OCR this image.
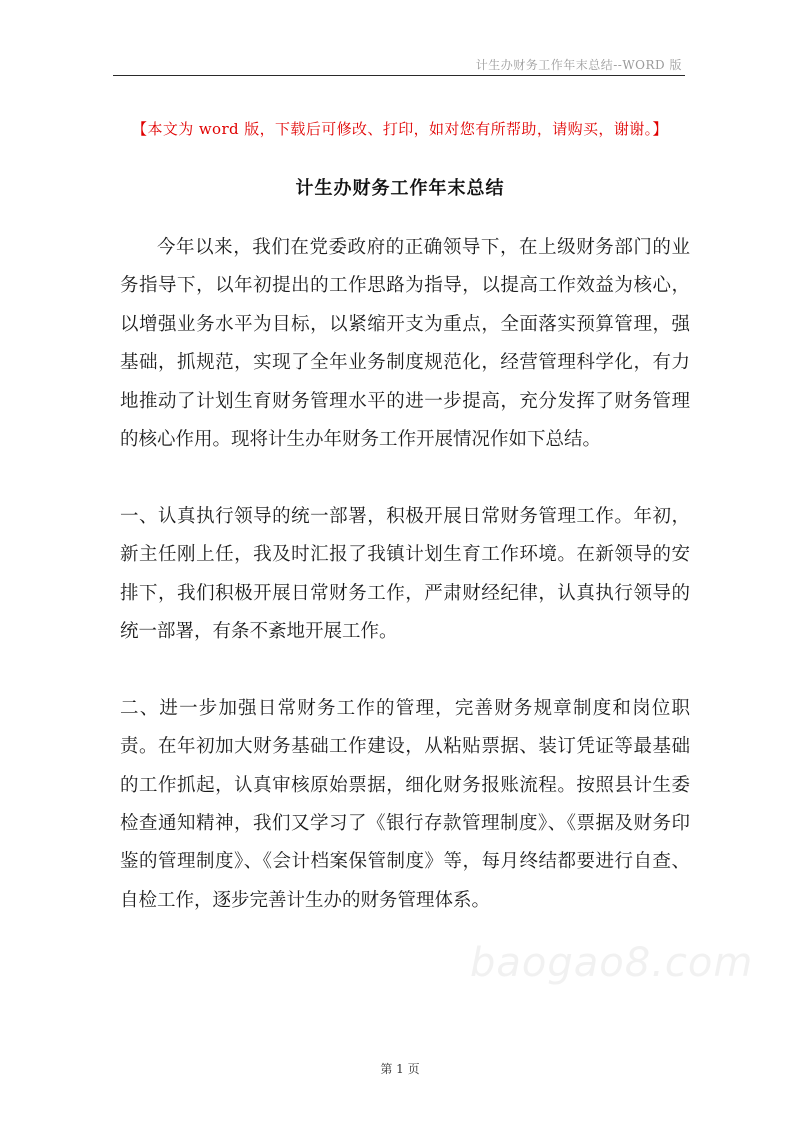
计生办财务工作年末总结--WORD 版
【本文为 word 版，下载后可修改、打印，如对您有所帮助，请购买，谢谢。】
计生办财务工作年末总结

今年以来，我们在党委政府的正确领导下，在上级财务部门的业务指导下，以年初提出的工作思路为指导，以提高工作效益为核心，以增强业务水平为目标，以紧缩开支为重点，全面落实预算管理，强基础，抓规范，实现了全年业务制度规范化，经营管理科学化，有力地推动了计划生育财务管理水平的进一步提高，充分发挥了财务管理的核心作用。现将计生办年财务工作开展情况作如下总结。

一、认真执行领导的统一部署，积极开展日常财务管理工作。年初，新主任刚上任，我及时汇报了我镇计划生育工作环境。在新领导的安排下，我们积极开展日常财务工作，严肃财经纪律，认真执行领导的统一部署，有条不紊地开展工作。

二、进一步加强日常财务工作的管理，完善财务规章制度和岗位职责。在年初加大财务基础工作建设，从粘贴票据、装订凭证等最基础的工作抓起，认真审核原始票据，细化财务报账流程。按照县计生委检查通知精神，我们又学习了《银行存款管理制度》、《票据及财务印鉴的管理制度》、《会计档案保管制度》等，每月终结都要进行自查、自检工作，逐步完善计生办的财务管理体系。

baogao8.com
第 1 页
